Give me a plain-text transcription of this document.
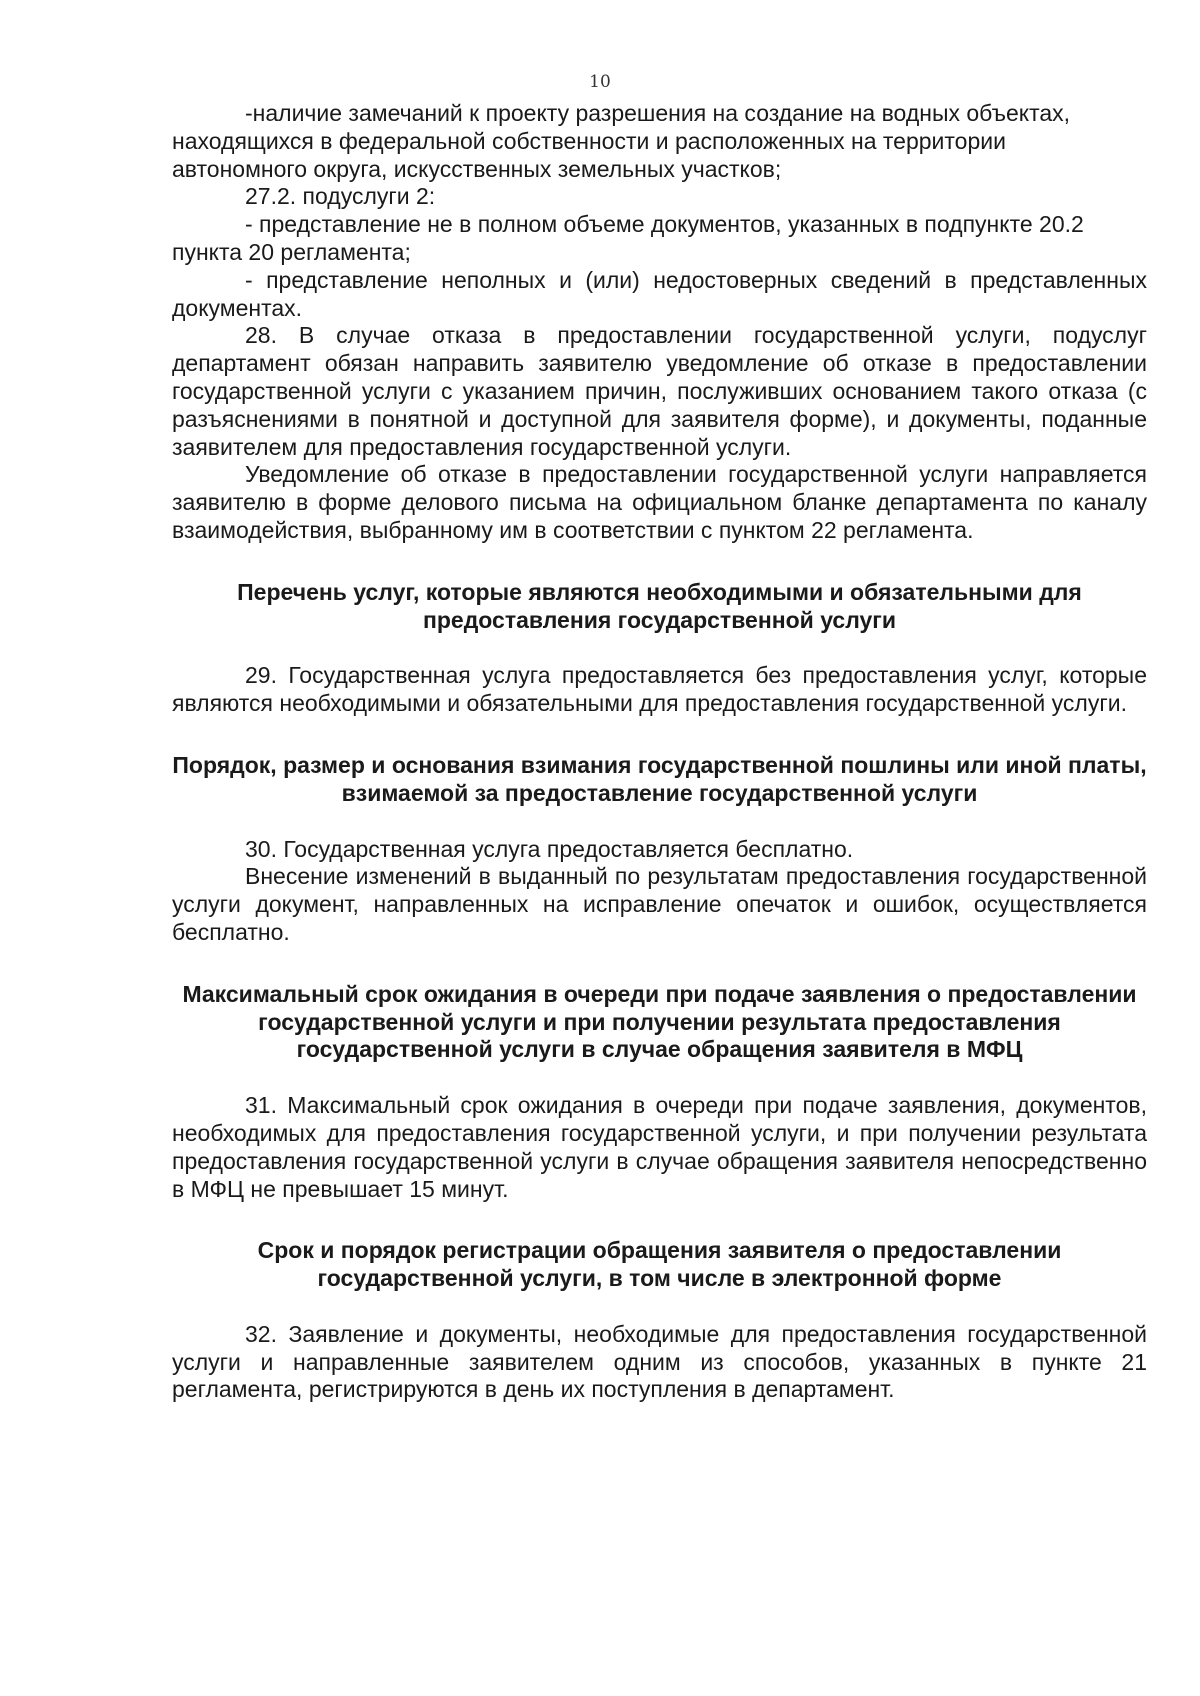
10

-наличие замечаний к проекту разрешения на создание на водных объектах, находящихся в федеральной собственности и расположенных на территории автономного округа, искусственных земельных участков;

27.2. подуслуги 2:

- представление не в полном объеме документов, указанных в подпункте 20.2 пункта 20 регламента;

- представление неполных и (или) недостоверных сведений в представленных документах.

28. В случае отказа в предоставлении государственной услуги, подуслуг департамент обязан направить заявителю уведомление об отказе в предоставлении государственной услуги с указанием причин, послуживших основанием такого отказа (с разъяснениями в понятной и доступной для заявителя форме), и документы, поданные заявителем для предоставления государственной услуги.

Уведомление об отказе в предоставлении государственной услуги направляется заявителю в форме делового письма на официальном бланке департамента по каналу взаимодействия, выбранному им в соответствии с пунктом 22 регламента.

Перечень услуг, которые являются необходимыми и обязательными для предоставления государственной услуги

29. Государственная услуга предоставляется без предоставления услуг, которые являются необходимыми и обязательными для предоставления государственной услуги.

Порядок, размер и основания взимания государственной пошлины или иной платы, взимаемой за предоставление государственной услуги

30. Государственная услуга предоставляется бесплатно.

Внесение изменений в выданный по результатам предоставления государственной услуги документ, направленных на исправление опечаток и ошибок, осуществляется бесплатно.

Максимальный срок ожидания в очереди при подаче заявления о предоставлении государственной услуги и при получении результата предоставления государственной услуги в случае обращения заявителя в МФЦ

31. Максимальный срок ожидания в очереди при подаче заявления, документов, необходимых для предоставления государственной услуги, и при получении результата предоставления государственной услуги в случае обращения заявителя непосредственно в МФЦ не превышает 15 минут.

Срок и порядок регистрации обращения заявителя о предоставлении государственной услуги, в том числе в электронной форме

32. Заявление и документы, необходимые для предоставления государственной услуги и направленные заявителем одним из способов, указанных в пункте 21 регламента, регистрируются в день их поступления в департамент.
